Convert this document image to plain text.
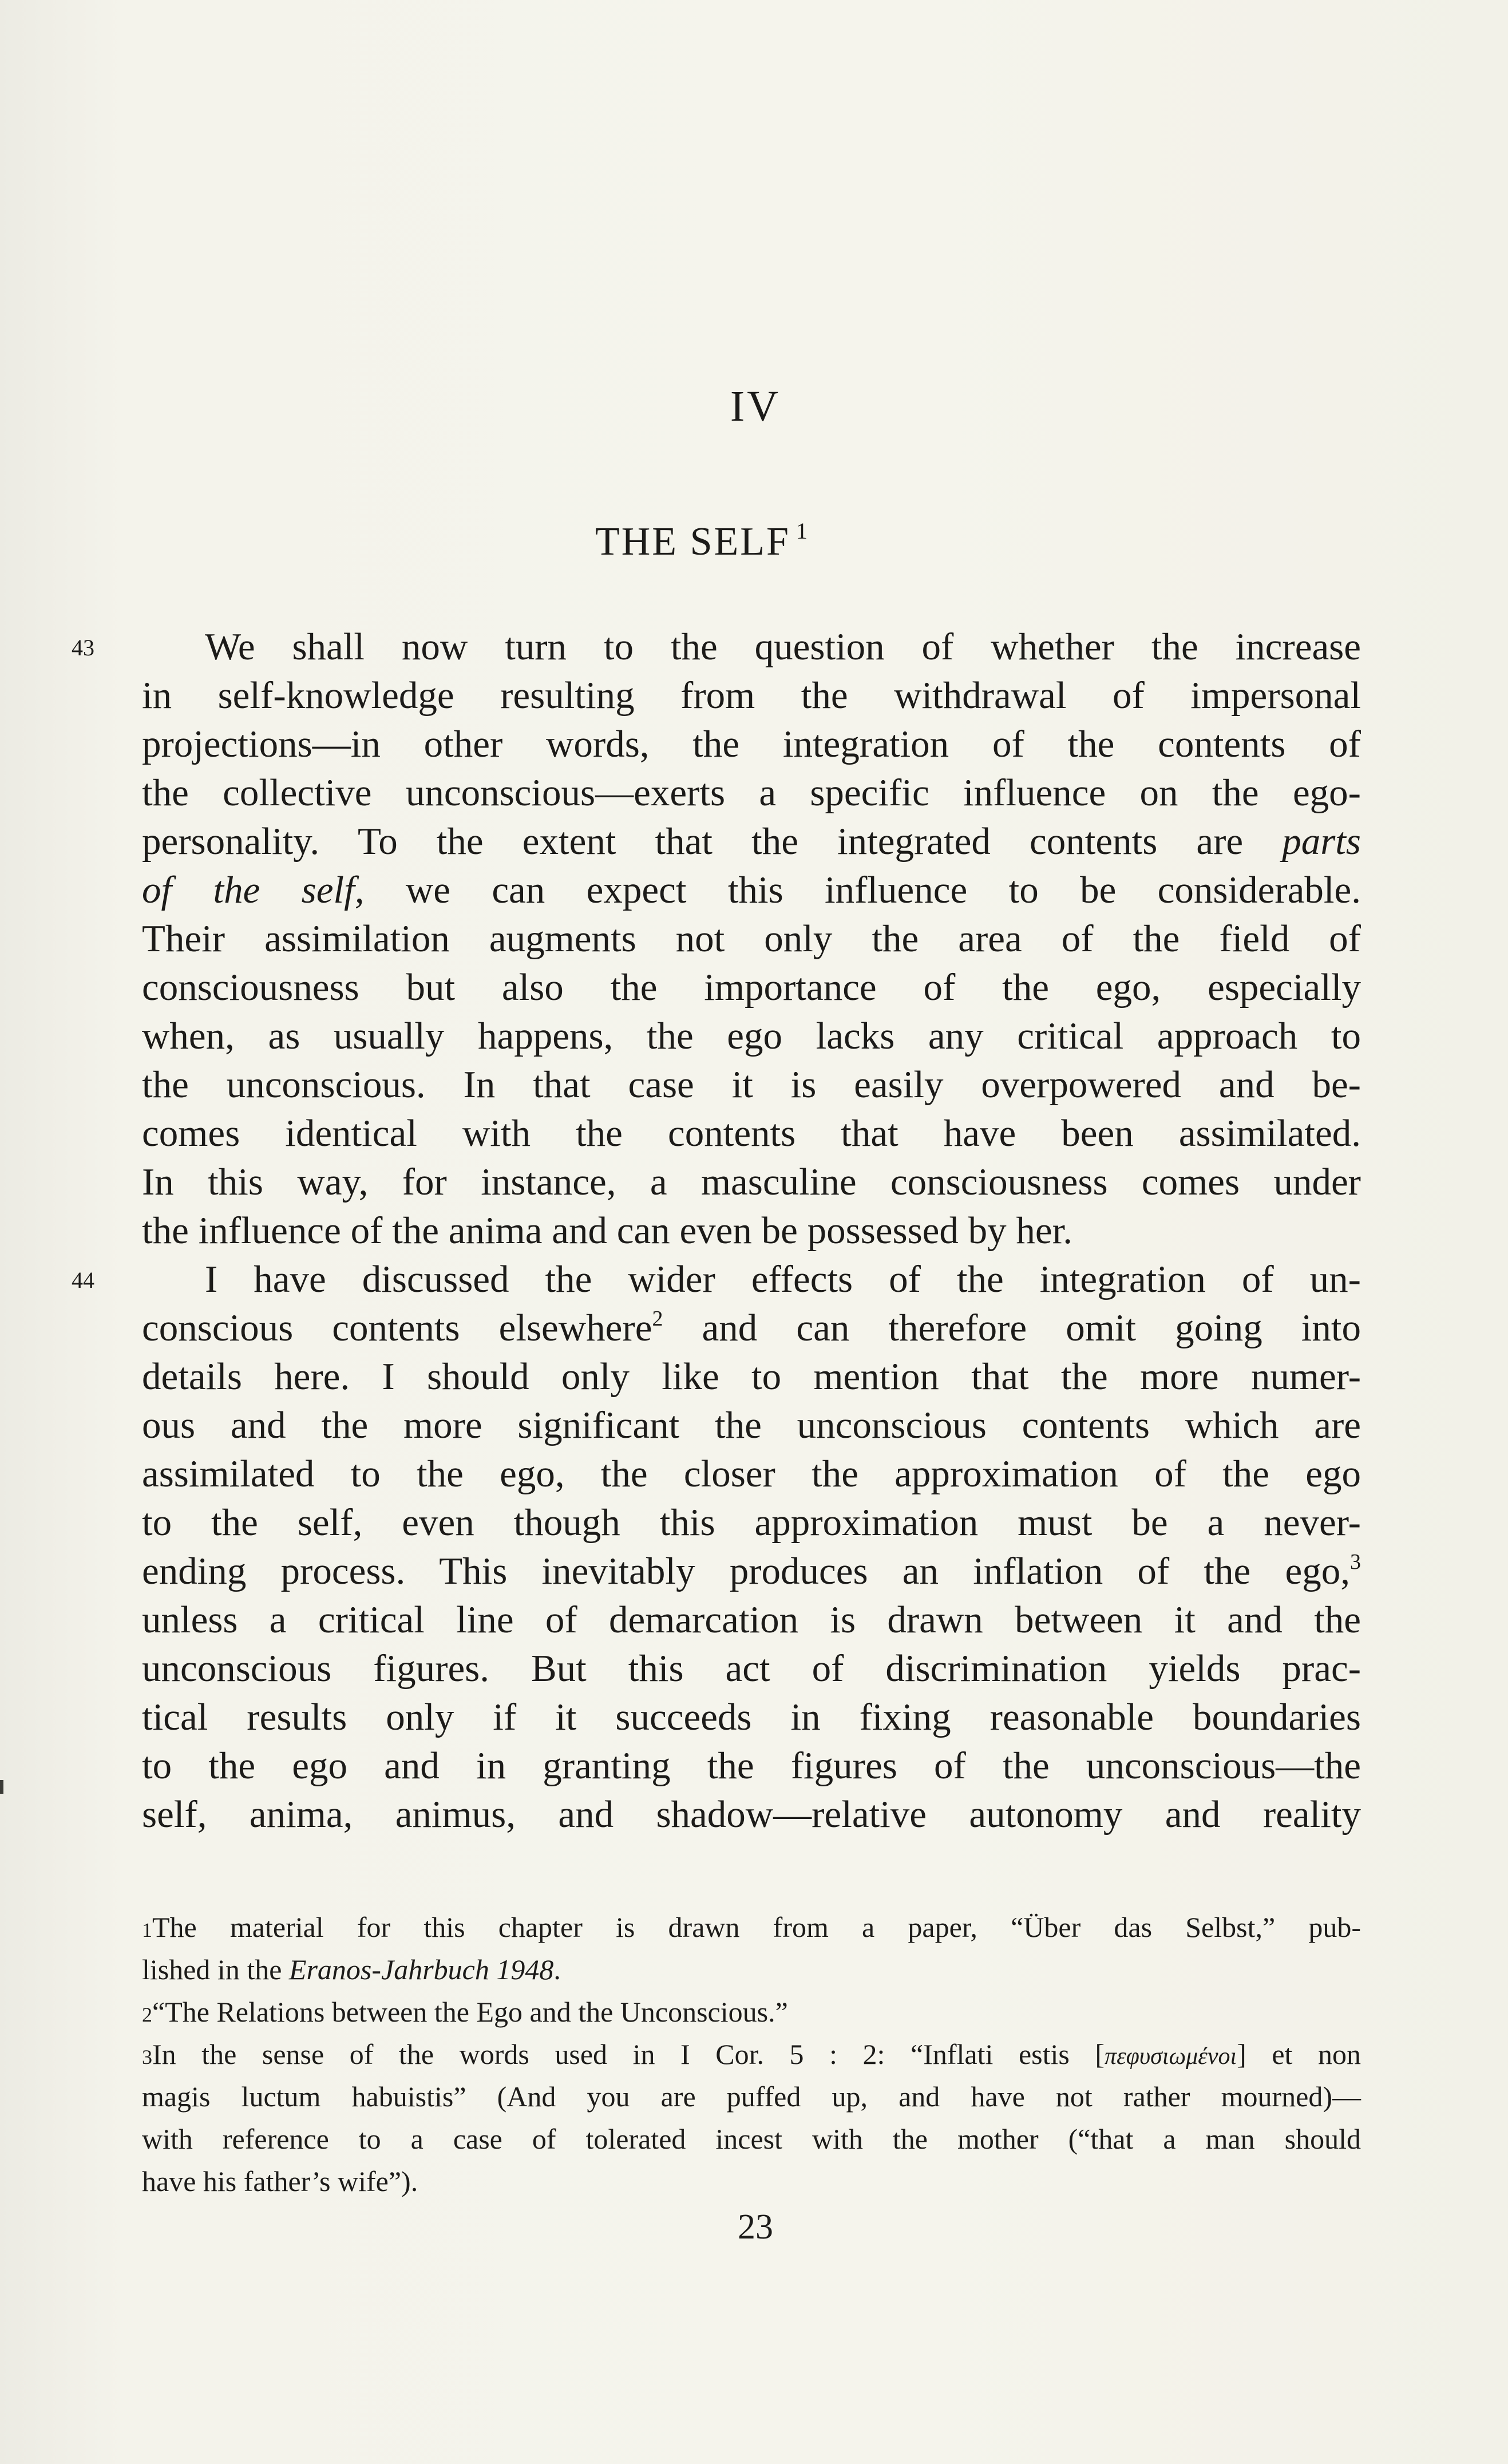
IV
THE SELF $^1$
43
44
We shall now turn to the question of whether the increase
in self-knowledge resulting from the withdrawal of impersonal
projections—in other words, the integration of the contents of
the collective unconscious—exerts a specific influence on the ego-
personality. To the extent that the integrated contents are parts
of the self, we can expect this influence to be considerable.
Their assimilation augments not only the area of the field of
consciousness but also the importance of the ego, especially
when, as usually happens, the ego lacks any critical approach to
the unconscious. In that case it is easily overpowered and be-
comes identical with the contents that have been assimilated.
In this way, for instance, a masculine consciousness comes under
the influence of the anima and can even be possessed by her.
I have discussed the wider effects of the integration of un-
conscious contents elsewhere$^2$ and can therefore omit going into
details here. I should only like to mention that the more numer-
ous and the more significant the unconscious contents which are
assimilated to the ego, the closer the approximation of the ego
to the self, even though this approximation must be a never-
ending process. This inevitably produces an inflation of the ego,$^3$
unless a critical line of demarcation is drawn between it and the
unconscious figures. But this act of discrimination yields prac-
tical results only if it succeeds in fixing reasonable boundaries
to the ego and in granting the figures of the unconscious—the
self, anima, animus, and shadow—relative autonomy and reality
1The material for this chapter is drawn from a paper, “Über das Selbst,” pub-
lished in the Eranos-Jahrbuch 1948.
2“The Relations between the Ego and the Unconscious.”
3In the sense of the words used in I Cor. 5 : 2: “Inflati estis [πεφυσιωμένοι] et non
magis luctum habuistis” (And you are puffed up, and have not rather mourned)—
with reference to a case of tolerated incest with the mother (“that a man should
have his father’s wife”).
23
